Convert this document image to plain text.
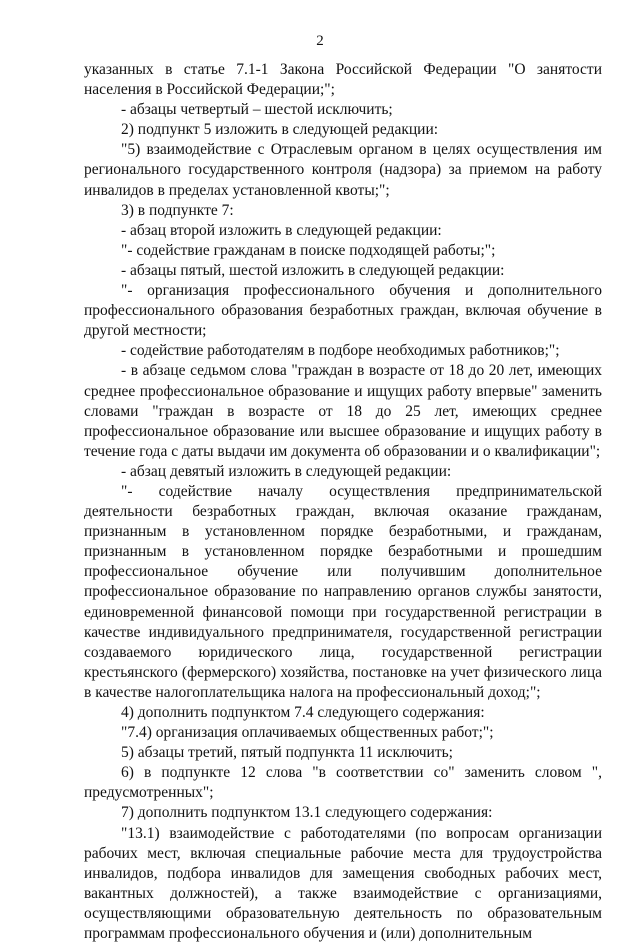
2

указанных в статье 7.1-1 Закона Российской Федерации "О занятости населения в Российской Федерации;";

- абзацы четвертый – шестой исключить;

2) подпункт 5 изложить в следующей редакции:

"5) взаимодействие с Отраслевым органом в целях осуществления им регионального государственного контроля (надзора) за приемом на работу инвалидов в пределах установленной квоты;";

3) в подпункте 7:

- абзац второй изложить в следующей редакции:

"- содействие гражданам в поиске подходящей работы;";

- абзацы пятый, шестой изложить в следующей редакции:

"- организация профессионального обучения и дополнительного профессионального образования безработных граждан, включая обучение в другой местности;

- содействие работодателям в подборе необходимых работников;";

- в абзаце седьмом слова "граждан в возрасте от 18 до 20 лет, имеющих среднее профессиональное образование и ищущих работу впервые" заменить словами "граждан в возрасте от 18 до 25 лет, имеющих среднее профессиональное образование или высшее образование и ищущих работу в течение года с даты выдачи им документа об образовании и о квалификации";

- абзац девятый изложить в следующей редакции:

"- содействие началу осуществления предпринимательской деятельности безработных граждан, включая оказание гражданам, признанным в установленном порядке безработными, и гражданам, признанным в установленном порядке безработными и прошедшим профессиональное обучение или получившим дополнительное профессиональное образование по направлению органов службы занятости, единовременной финансовой помощи при государственной регистрации в качестве индивидуального предпринимателя, государственной регистрации создаваемого юридического лица, государственной регистрации крестьянского (фермерского) хозяйства, постановке на учет физического лица в качестве налогоплательщика налога на профессиональный доход;";

4) дополнить подпунктом 7.4 следующего содержания:

"7.4) организация оплачиваемых общественных работ;";

5) абзацы третий, пятый подпункта 11 исключить;

6) в подпункте 12 слова "в соответствии со" заменить словом ", предусмотренных";

7) дополнить подпунктом 13.1 следующего содержания:

"13.1) взаимодействие с работодателями (по вопросам организации рабочих мест, включая специальные рабочие места для трудоустройства инвалидов, подбора инвалидов для замещения свободных рабочих мест, вакантных должностей), а также взаимодействие с организациями, осуществляющими образовательную деятельность по образовательным программам профессионального обучения и (или) дополнительным
